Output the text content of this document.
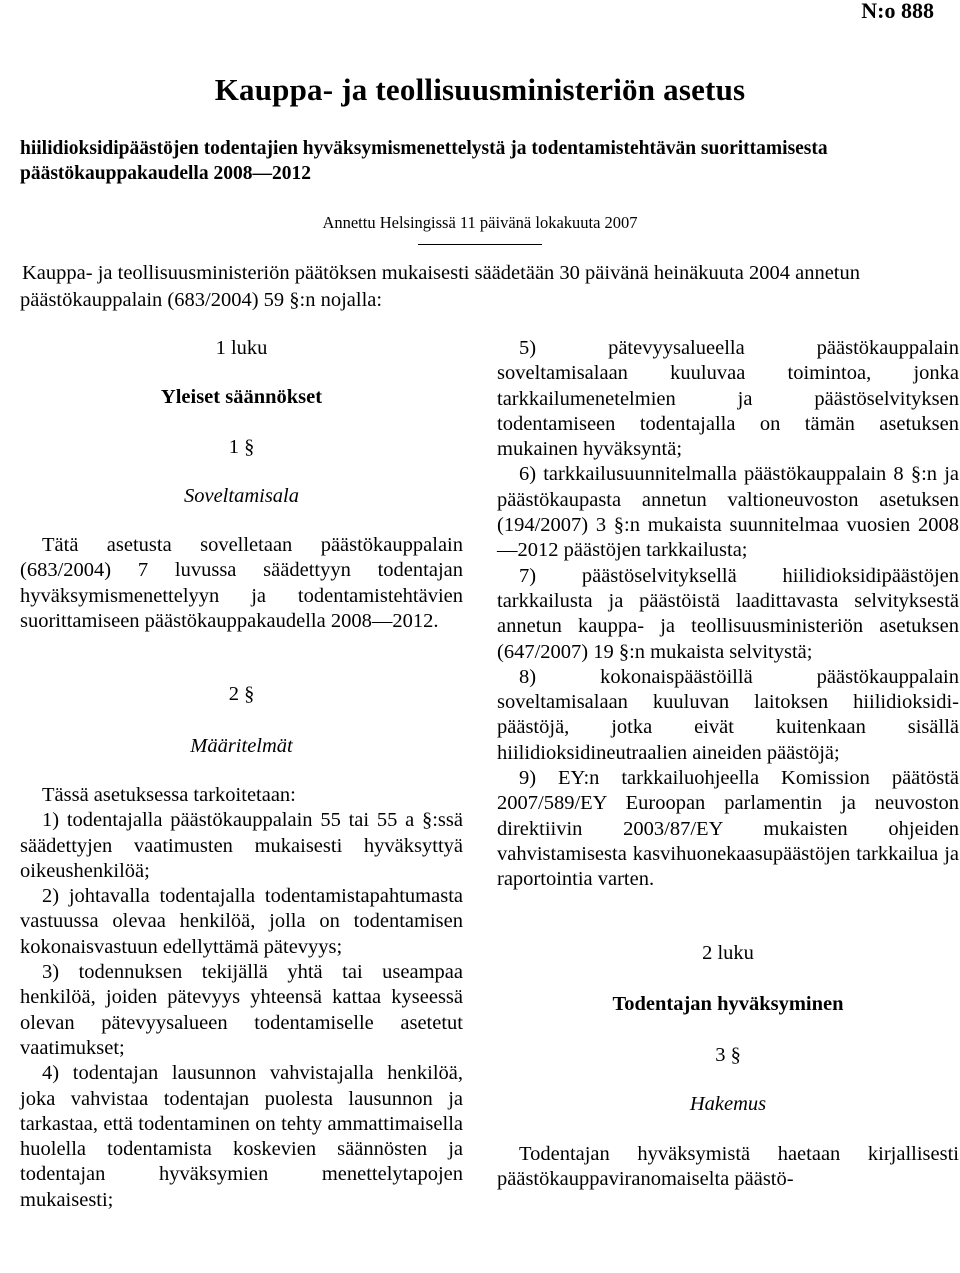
N:o 888
Kauppa- ja teollisuusministeriön asetus
hiilidioksidipäästöjen todentajien hyväksymismenettelystä ja todentamistehtävän suorittamisesta päästökauppakaudella 2008—2012
Annettu Helsingissä 11 päivänä lokakuuta 2007
Kauppa- ja teollisuusministeriön päätöksen mukaisesti säädetään 30 päivänä heinäkuuta 2004 annetun päästökauppalain (683/2004) 59 §:n nojalla:

1 luku

Yleiset säännökset

1 §

Soveltamisala

Tätä asetusta sovelletaan päästökauppalain (683/2004) 7 luvussa säädettyyn todentajan hyväksymismenettelyyn ja todentamistehtävien suorittamiseen päästökauppakaudella 2008—2012.

2 §

Määritelmät

Tässä asetuksessa tarkoitetaan:

1) todentajalla päästökauppalain 55 tai 55 a §:ssä säädettyjen vaatimusten mukaisesti hyväksyttyä oikeushenkilöä;

2) johtavalla todentajalla todentamistapahtumasta vastuussa olevaa henkilöä, jolla on todentamisen kokonaisvastuun edellyttämä pätevyys;

3) todennuksen tekijällä yhtä tai useampaa henkilöä, joiden pätevyys yhteensä kattaa kyseessä olevan pätevyysalueen todentamiselle asetetut vaatimukset;

4) todentajan lausunnon vahvistajalla henkilöä, joka vahvistaa todentajan puolesta lausunnon ja tarkastaa, että todentaminen on tehty ammattimaisella huolella todentamista koskevien säännösten ja todentajan hyväksymien menettelytapojen mukaisesti;

5) pätevyysalueella päästökauppalain soveltamisalaan kuuluvaa toimintoa, jonka tarkkailumenetelmien ja päästöselvityksen todentamiseen todentajalla on tämän asetuksen mukainen hyväksyntä;

6) tarkkailusuunnitelmalla päästökauppalain 8 §:n ja päästökaupasta annetun valtioneuvoston asetuksen (194/2007) 3 §:n mukaista suunnitelmaa vuosien 2008—2012 päästöjen tarkkailusta;

7) päästöselvityksellä hiilidioksidipäästöjen tarkkailusta ja päästöistä laadittavasta selvityksestä annetun kauppa- ja teollisuusministeriön asetuksen (647/2007) 19 §:n mukaista selvitystä;

8) kokonaispäästöillä päästökauppalain soveltamisalaan kuuluvan laitoksen hiilidioksidi-päästöjä, jotka eivät kuitenkaan sisällä hiilidioksidineutraalien aineiden päästöjä;

9) EY:n tarkkailuohjeella Komission päätöstä 2007/589/EY Euroopan parlamentin ja neuvoston direktiivin 2003/87/EY mukaisten ohjeiden vahvistamisesta kasvihuonekaasupäästöjen tarkkailua ja raportointia varten.

2 luku

Todentajan hyväksyminen

3 §

Hakemus

Todentajan hyväksymistä haetaan kirjallisesti päästökauppaviranomaiselta päästö-
